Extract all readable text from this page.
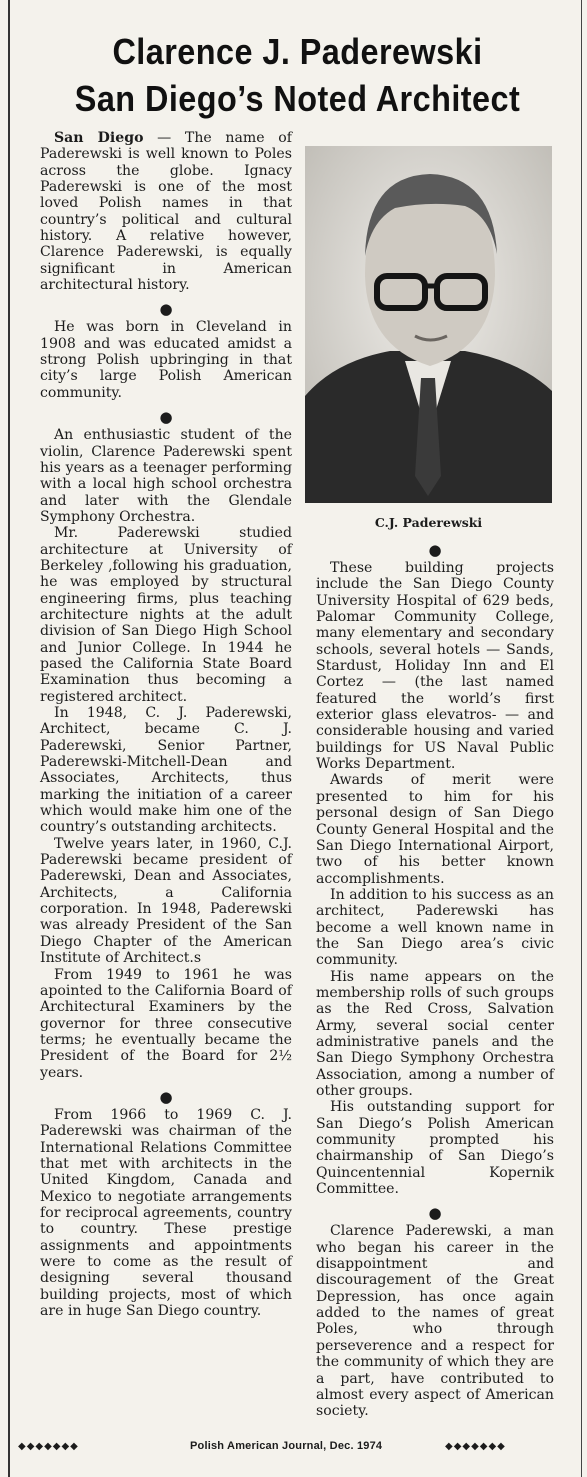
Clarence J. Paderewski
San Diego’s Noted Architect

San Diego — The name of Paderewski is well known to Poles across the globe. Ignacy Paderewski is one of the most loved Polish names in that country’s political and cultural history. A relative however, Clarence Paderewski, is equally significant in American architectural history.

●

He was born in Cleveland in 1908 and was educated amidst a strong Polish upbringing in that city’s large Polish American community.

●

An enthusiastic student of the violin, Clarence Paderewski spent his years as a teenager performing with a local high school orchestra and later with the Glendale Symphony Orchestra.

Mr. Paderewski studied architecture at University of Berkeley ,following his graduation, he was employed by structural engineering firms, plus teaching architecture nights at the adult division of San Diego High School and Junior College. In 1944 he pased the California State Board Examination thus becoming a registered architect.

In 1948, C. J. Paderewski, Architect, became C. J. Paderewski, Senior Partner, Paderewski-Mitchell-Dean and Associates, Architects, thus marking the initiation of a career which would make him one of the country’s outstanding architects.

Twelve years later, in 1960, C.J. Paderewski became president of Paderewski, Dean and Associates, Architects, a California corporation. In 1948, Paderewski was already President of the San Diego Chapter of the American Institute of Architect.s

From 1949 to 1961 he was apointed to the California Board of Architectural Examiners by the governor for three consecutive terms; he eventually became the President of the Board for 2½ years.

●

From 1966 to 1969 C. J. Paderewski was chairman of the International Relations Committee that met with architects in the United Kingdom, Canada and Mexico to negotiate arrangements for reciprocal agreements, country to country. These prestige assignments and appointments were to come as the result of designing several thousand building projects, most of which are in huge San Diego country.

C.J. Paderewski
●

These building projects include the San Diego County University Hospital of 629 beds, Palomar Community College, many elementary and secondary schools, several hotels — Sands, Stardust, Holiday Inn and El Cortez — (the last named featured the world’s first exterior glass elevatros- — and considerable housing and varied buildings for US Naval Public Works Department.

Awards of merit were presented to him for his personal design of San Diego County General Hospital and the San Diego International Airport, two of his better known accomplishments.

In addition to his success as an architect, Paderewski has become a well known name in the San Diego area’s civic community.

His name appears on the membership rolls of such groups as the Red Cross, Salvation Army, several social center administrative panels and the San Diego Symphony Orchestra Association, among a number of other groups.

His outstanding support for San Diego’s Polish American community prompted his chairmanship of San Diego’s Quincentennial Kopernik Committee.

●

Clarence Paderewski, a man who began his career in the disappointment and discouragement of the Great Depression, has once again added to the names of great Poles, who through perseverence and a respect for the community of which they are a part, have contributed to almost every aspect of American society.

◆◆◆◆◆◆◆	Polish American Journal, Dec. 1974	◆◆◆◆◆◆◆
